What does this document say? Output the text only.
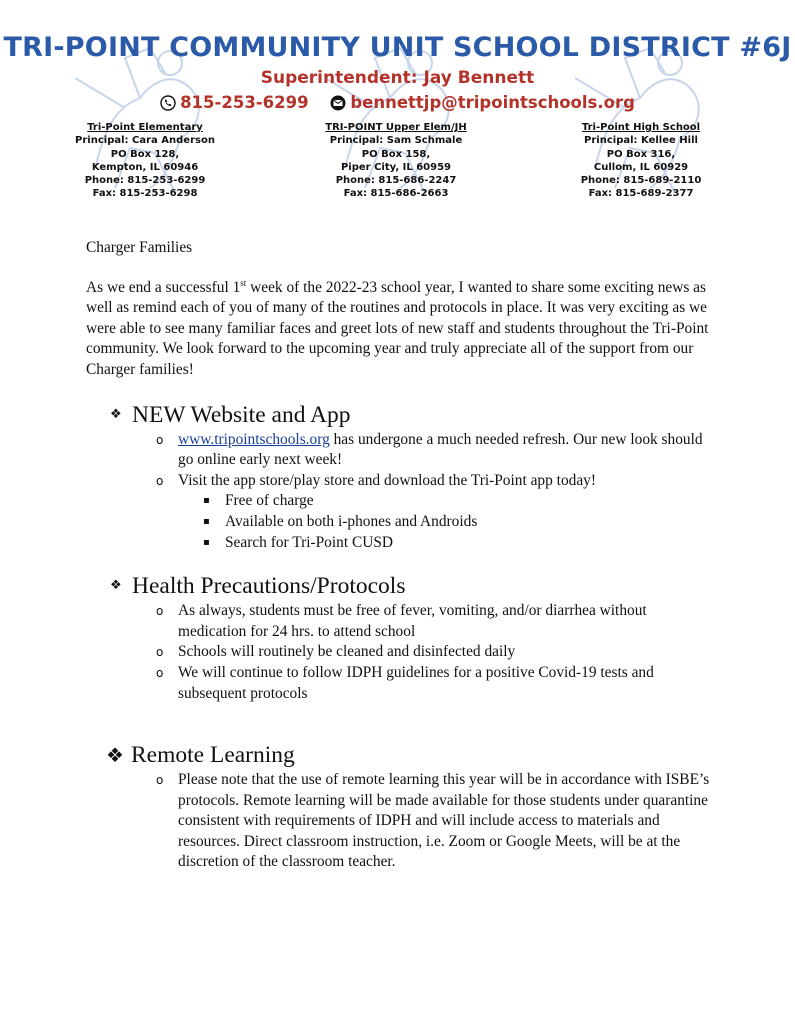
TRI-POINT COMMUNITY UNIT SCHOOL DISTRICT #6J
Superintendent: Jay Bennett
815-253-6299
	bennettjp@tripointschools.org
Tri-Point Elementary
Principal: Cara Anderson
PO Box 128,
Kempton, IL 60946
Phone: 815-253-6299
Fax: 815-253-6298
TRI-POINT Upper Elem/JH
Principal: Sam Schmale
PO Box 158,
Piper City, IL 60959
Phone: 815-686-2247
Fax: 815-686-2663
Tri-Point High School
Principal: Kellee Hill
PO Box 316,
Cullom, IL 60929
Phone: 815-689-2110
Fax: 815-689-2377

Charger Families

As we end a successful 1st week of the 2022-23 school year, I wanted to share some exciting news as well as remind each of you of many of the routines and protocols in place. It was very exciting as we were able to see many familiar faces and greet lots of new staff and students throughout the Tri-Point community. We look forward to the upcoming year and truly appreciate all of the support from our Charger families!

❖ NEW Website and App
o www.tripointschools.org has undergone a much needed refresh. Our new look should go online early next week!
o Visit the app store/play store and download the Tri-Point app today!
▪ Free of charge
▪ Available on both i-phones and Androids
▪ Search for Tri-Point CUSD
❖ Health Precautions/Protocols
o As always, students must be free of fever, vomiting, and/or diarrhea without medication for 24 hrs. to attend school
o Schools will routinely be cleaned and disinfected daily
o We will continue to follow IDPH guidelines for a positive Covid-19 tests and subsequent protocols
❖ Remote Learning
o Please note that the use of remote learning this year will be in accordance with ISBE’s protocols. Remote learning will be made available for those students under quarantine consistent with requirements of IDPH and will include access to materials and resources. Direct classroom instruction, i.e. Zoom or Google Meets, will be at the discretion of the classroom teacher.
